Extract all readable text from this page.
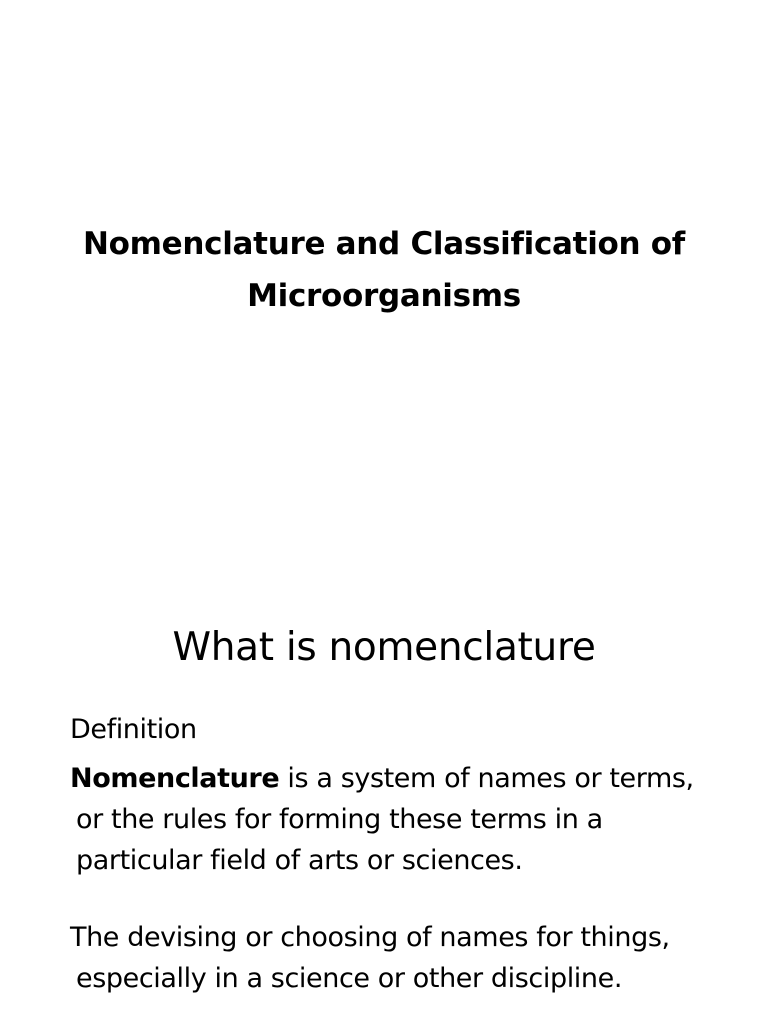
Nomenclature and Classification of
Microorganisms
What is nomenclature
Definition
Nomenclature is a system of names or terms,
or the rules for forming these terms in a
particular field of arts or sciences.
The devising or choosing of names for things,
especially in a science or other discipline.
